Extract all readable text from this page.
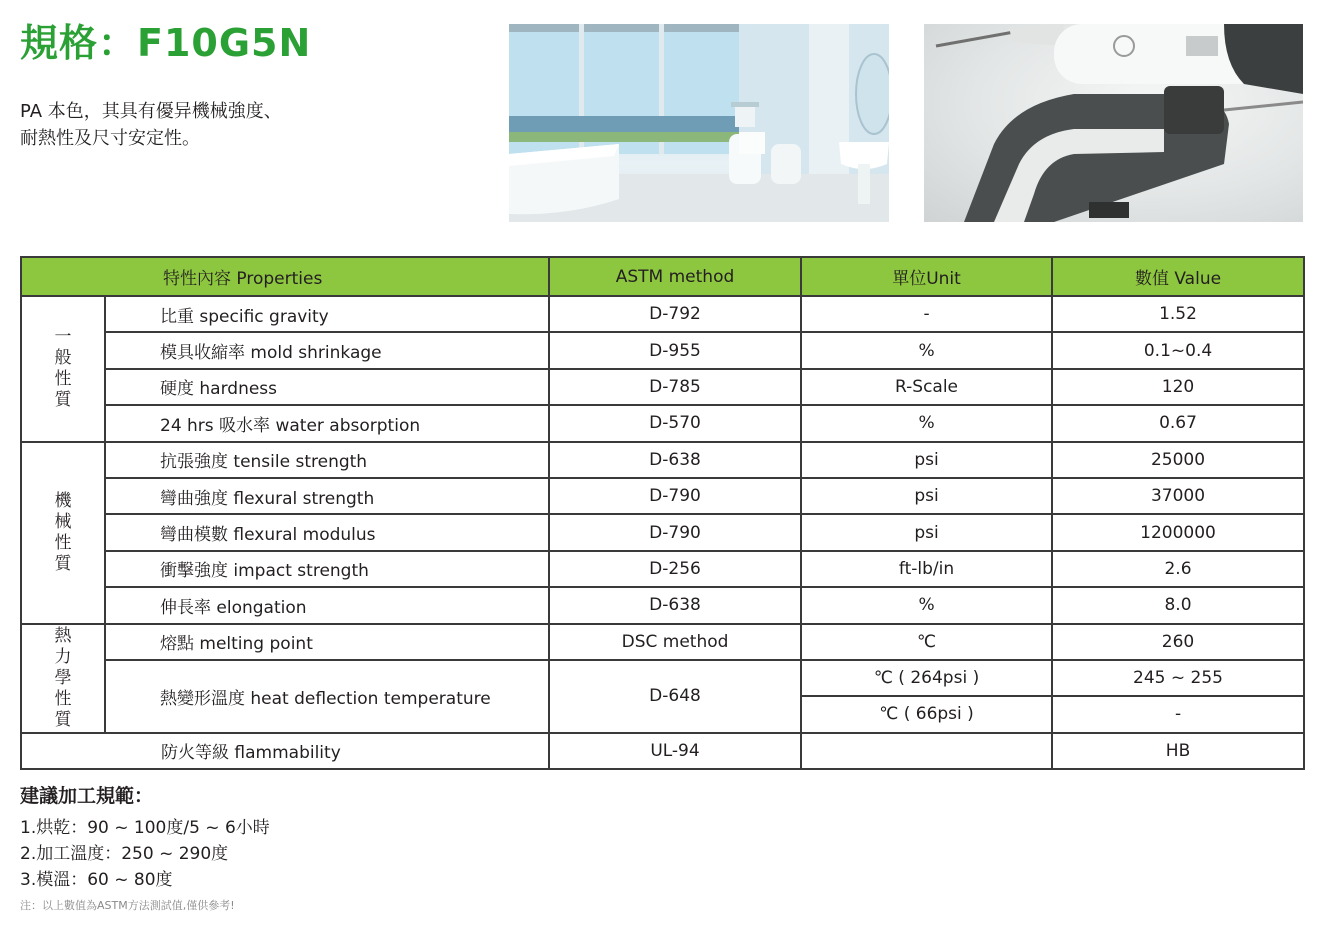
規格：F10G5N
PA 本色，其具有優异機械強度、
耐熱性及尺寸安定性。
特性內容 Properties		ASTM method	單位Unit	數值 Value
一般性質	比重 specific gravity	D-792	-	1.52
	模具收縮率 mold shrinkage	D-955	%	0.1~0.4
	硬度 hardness	D-785	R-Scale	120
	24 hrs 吸水率 water absorption	D-570	%	0.67
機械性質	抗張強度 tensile strength	D-638	psi	25000
	彎曲強度 flexural strength	D-790	psi	37000
	彎曲模數 flexural modulus	D-790	psi	1200000
	衝擊強度 impact strength	D-256	ft-lb/in	2.6
	伸長率 elongation	D-638	%	8.0
熱力學性質	熔點 melting point	DSC method	℃	260
	熱變形溫度 heat deflection temperature	D-648	℃ ( 264psi )	245 ~ 255
			℃ ( 66psi )	-
防火等級 flammability		UL-94		HB
建議加工規範：
1.烘乾：90 ~ 100度/5 ~ 6小時
2.加工溫度：250 ~ 290度
3.模溫：60 ~ 80度
注：以上數值為ASTM方法測試值,僅供參考!
